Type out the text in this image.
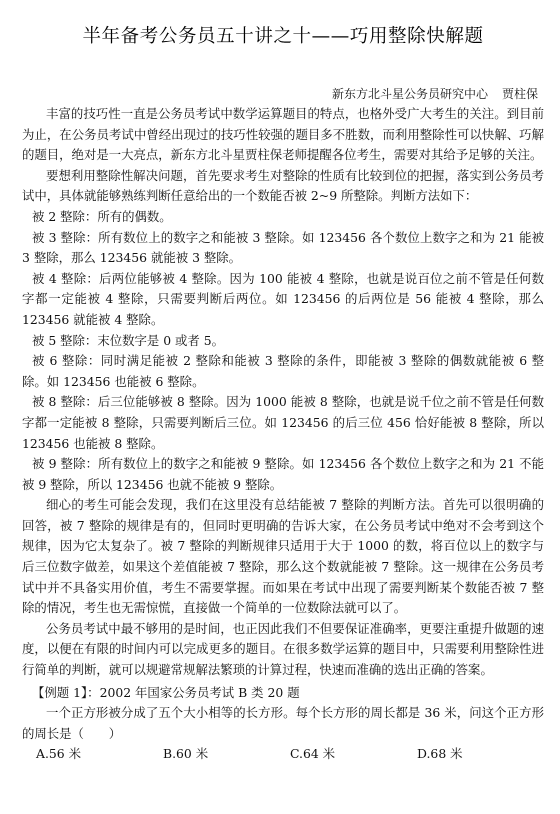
半年备考公务员五十讲之十——巧用整除快解题
新东方北斗星公务员研究中心 贾柱保

丰富的技巧性一直是公务员考试中数学运算题目的特点，也格外受广大考生的关注。到目前为止，在公务员考试中曾经出现过的技巧性较强的题目多不胜数，而利用整除性可以快解、巧解的题目，绝对是一大亮点，新东方北斗星贾柱保老师提醒各位考生，需要对其给予足够的关注。

要想利用整除性解决问题，首先要求考生对整除的性质有比较到位的把握，落实到公务员考试中，具体就能够熟练判断任意给出的一个数能否被 2~9 所整除。判断方法如下：

被 2 整除：所有的偶数。

被 3 整除：所有数位上的数字之和能被 3 整除。如 123456 各个数位上数字之和为 21 能被 3 整除，那么 123456 就能被 3 整除。

被 4 整除：后两位能够被 4 整除。因为 100 能被 4 整除，也就是说百位之前不管是任何数字都一定能被 4 整除，只需要判断后两位。如 123456 的后两位是 56 能被 4 整除，那么 123456 就能被 4 整除。

被 5 整除：末位数字是 0 或者 5。

被 6 整除：同时满足能被 2 整除和能被 3 整除的条件，即能被 3 整除的偶数就能被 6 整除。如 123456 也能被 6 整除。

被 8 整除：后三位能够被 8 整除。因为 1000 能被 8 整除，也就是说千位之前不管是任何数字都一定能被 8 整除，只需要判断后三位。如 123456 的后三位 456 恰好能被 8 整除，所以 123456 也能被 8 整除。

被 9 整除：所有数位上的数字之和能被 9 整除。如 123456 各个数位上数字之和为 21 不能被 9 整除，所以 123456 也就不能被 9 整除。

细心的考生可能会发现，我们在这里没有总结能被 7 整除的判断方法。首先可以很明确的回答，被 7 整除的规律是有的，但同时更明确的告诉大家，在公务员考试中绝对不会考到这个规律，因为它太复杂了。被 7 整除的判断规律只适用于大于 1000 的数，将百位以上的数字与后三位数字做差，如果这个差值能被 7 整除，那么这个数就能被 7 整除。这一规律在公务员考试中并不具备实用价值，考生不需要掌握。而如果在考试中出现了需要判断某个数能否被 7 整除的情况，考生也无需惊慌，直接做一个简单的一位数除法就可以了。

公务员考试中最不够用的是时间，也正因此我们不但要保证准确率，更要注重提升做题的速度，以便在有限的时间内可以完成更多的题目。在很多数学运算的题目中，只需要利用整除性进行简单的判断，就可以规避常规解法繁琐的计算过程，快速而准确的选出正确的答案。

【例题 1】：2002 年国家公务员考试 B 类 20 题

一个正方形被分成了五个大小相等的长方形。每个长方形的周长都是 36 米，问这个正方形的周长是（　　）

A.56 米	B.60 米	C.64 米	D.68 米
